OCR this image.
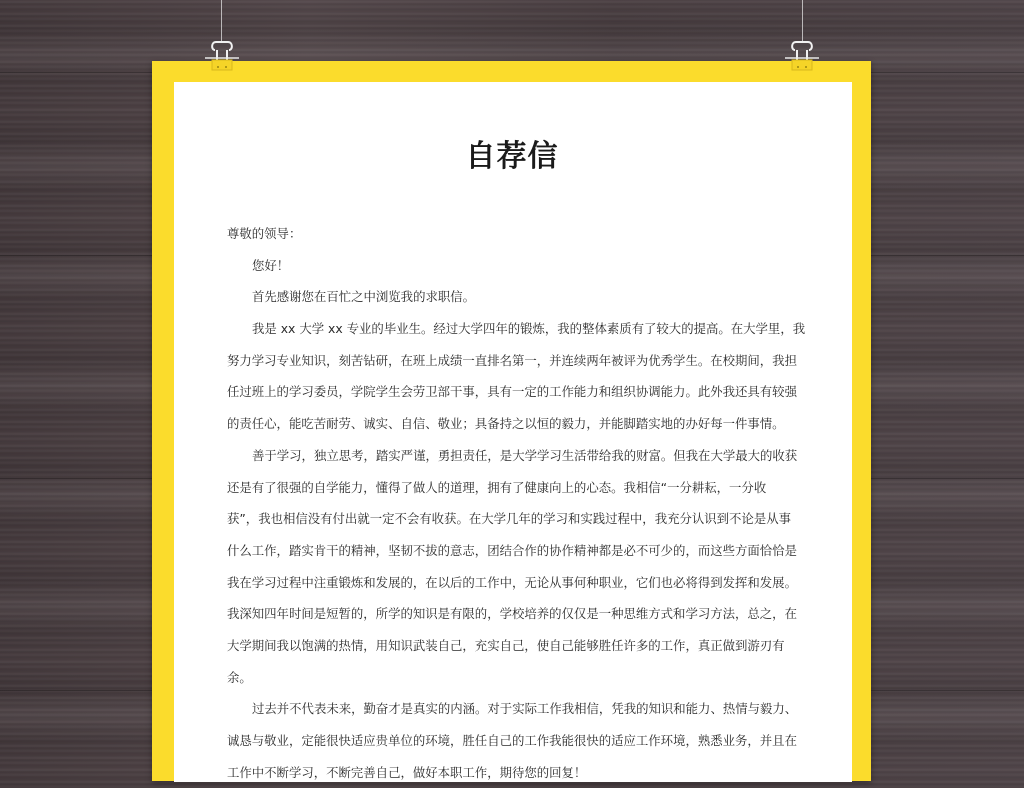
自荐信
尊敬的领导：
您好！
首先感谢您在百忙之中浏览我的求职信。
我是 xx 大学 xx 专业的毕业生。经过大学四年的锻炼，我的整体素质有了较大的提高。在大学里，我
努力学习专业知识，刻苦钻研，在班上成绩一直排名第一，并连续两年被评为优秀学生。在校期间，我担
任过班上的学习委员，学院学生会劳卫部干事，具有一定的工作能力和组织协调能力。此外我还具有较强
的责任心，能吃苦耐劳、诚实、自信、敬业；具备持之以恒的毅力，并能脚踏实地的办好每一件事情。
善于学习，独立思考，踏实严谨，勇担责任，是大学学习生活带给我的财富。但我在大学最大的收获
还是有了很强的自学能力，懂得了做人的道理，拥有了健康向上的心态。我相信“一分耕耘，一分收
获”，我也相信没有付出就一定不会有收获。在大学几年的学习和实践过程中，我充分认识到不论是从事
什么工作，踏实肯干的精神，坚韧不拔的意志，团结合作的协作精神都是必不可少的，而这些方面恰恰是
我在学习过程中注重锻炼和发展的，在以后的工作中，无论从事何种职业，它们也必将得到发挥和发展。
我深知四年时间是短暂的，所学的知识是有限的，学校培养的仅仅是一种思维方式和学习方法，总之，在
大学期间我以饱满的热情，用知识武装自己，充实自己，使自己能够胜任许多的工作，真正做到游刃有
余。
过去并不代表未来，勤奋才是真实的内涵。对于实际工作我相信，凭我的知识和能力、热情与毅力、
诚恳与敬业，定能很快适应贵单位的环境，胜任自己的工作我能很快的适应工作环境，熟悉业务，并且在
工作中不断学习，不断完善自己，做好本职工作，期待您的回复！
